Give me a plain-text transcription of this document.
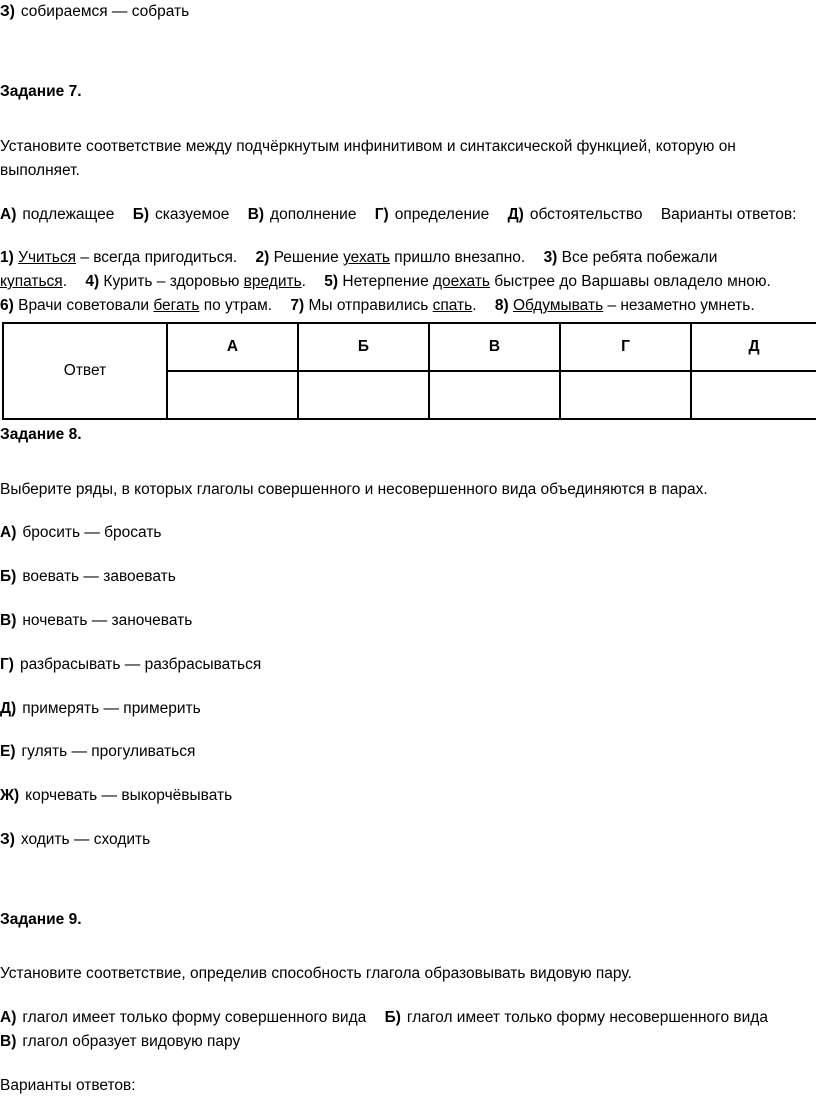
З) собираемся — собрать
Задание 7.
Установите соответствие между подчёркнутым инфинитивом и синтаксической функцией, которую он
выполняет.
А) подлежащее Б) сказуемое В) дополнение Г) определение Д) обстоятельство Варианты ответов:
1) Учиться – всегда пригодиться. 2) Решение уехать пришло внезапно. 3) Все ребята побежали
купаться. 4) Курить – здоровью вредить. 5) Нетерпение доехать быстрее до Варшавы овладело мною.
6) Врачи советовали бегать по утрам. 7) Мы отправились спать. 8) Обдумывать – незаметно умнеть.
Ответ	А	Б	В	Г	Д

Задание 8.
Выберите ряды, в которых глаголы совершенного и несовершенного вида объединяются в парах.
А) бросить — бросать
Б) воевать — завоевать
В) ночевать — заночевать
Г) разбрасывать — разбрасываться
Д) примерять — примерить
Е) гулять — прогуливаться
Ж) корчевать — выкорчёвывать
З) ходить — сходить
Задание 9.
Установите соответствие, определив способность глагола образовывать видовую пару.
А) глагол имеет только форму совершенного вида Б) глагол имеет только форму несовершенного вида
В) глагол образует видовую пару
Варианты ответов:
